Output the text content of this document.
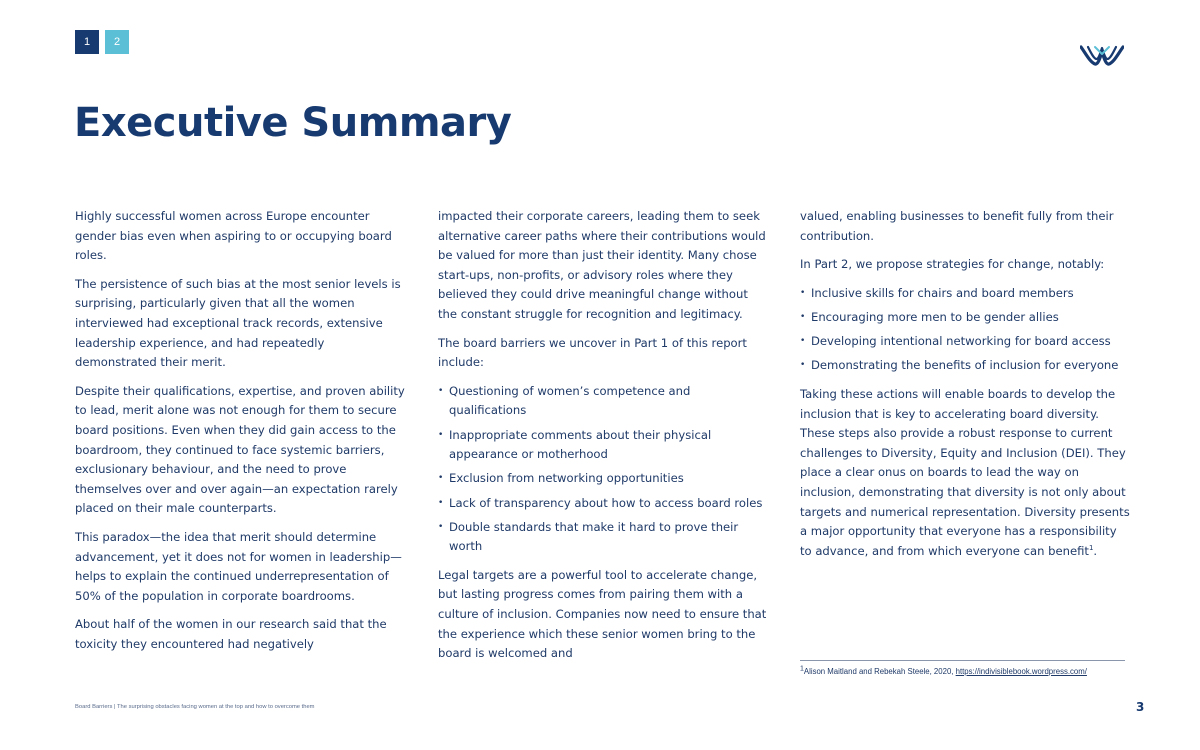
1	2
Executive Summary

Highly successful women across Europe encounter gender bias even when aspiring to or occupying board roles.

The persistence of such bias at the most senior levels is surprising, particularly given that all the women interviewed had exceptional track records, extensive leadership experience, and had repeatedly demonstrated their merit.

Despite their qualifications, expertise, and proven ability to lead, merit alone was not enough for them to secure board positions. Even when they did gain access to the boardroom, they continued to face systemic barriers, exclusionary behaviour, and the need to prove themselves over and over again—an expectation rarely placed on their male counterparts.

This paradox—the idea that merit should determine advancement, yet it does not for women in leadership—helps to explain the continued underrepresentation of 50% of the population in corporate boardrooms.

About half of the women in our research said that the toxicity they encountered had negatively

impacted their corporate careers, leading them to seek alternative career paths where their contributions would be valued for more than just their identity. Many chose start-ups, non-profits, or advisory roles where they believed they could drive meaningful change without the constant struggle for recognition and legitimacy.

The board barriers we uncover in Part 1 of this report include:

• Questioning of women’s competence and qualifications
• Inappropriate comments about their physical appearance or motherhood
• Exclusion from networking opportunities
• Lack of transparency about how to access board roles
• Double standards that make it hard to prove their worth

Legal targets are a powerful tool to accelerate change, but lasting progress comes from pairing them with a culture of inclusion. Companies now need to ensure that the experience which these senior women bring to the board is welcomed and

valued, enabling businesses to benefit fully from their contribution.

In Part 2, we propose strategies for change, notably:

• Inclusive skills for chairs and board members
• Encouraging more men to be gender allies
• Developing intentional networking for board access
• Demonstrating the benefits of inclusion for everyone

Taking these actions will enable boards to develop the inclusion that is key to accelerating board diversity. These steps also provide a robust response to current challenges to Diversity, Equity and Inclusion (DEI). They place a clear onus on boards to lead the way on inclusion, demonstrating that diversity is not only about targets and numerical representation. Diversity presents a major opportunity that everyone has a responsibility to advance, and from which everyone can benefit$^1$.

$^1$Alison Maitland and Rebekah Steele, 2020, https://indivisiblebook.wordpress.com/
Board Barriers | The surprising obstacles facing women at the top and how to overcome them	3
